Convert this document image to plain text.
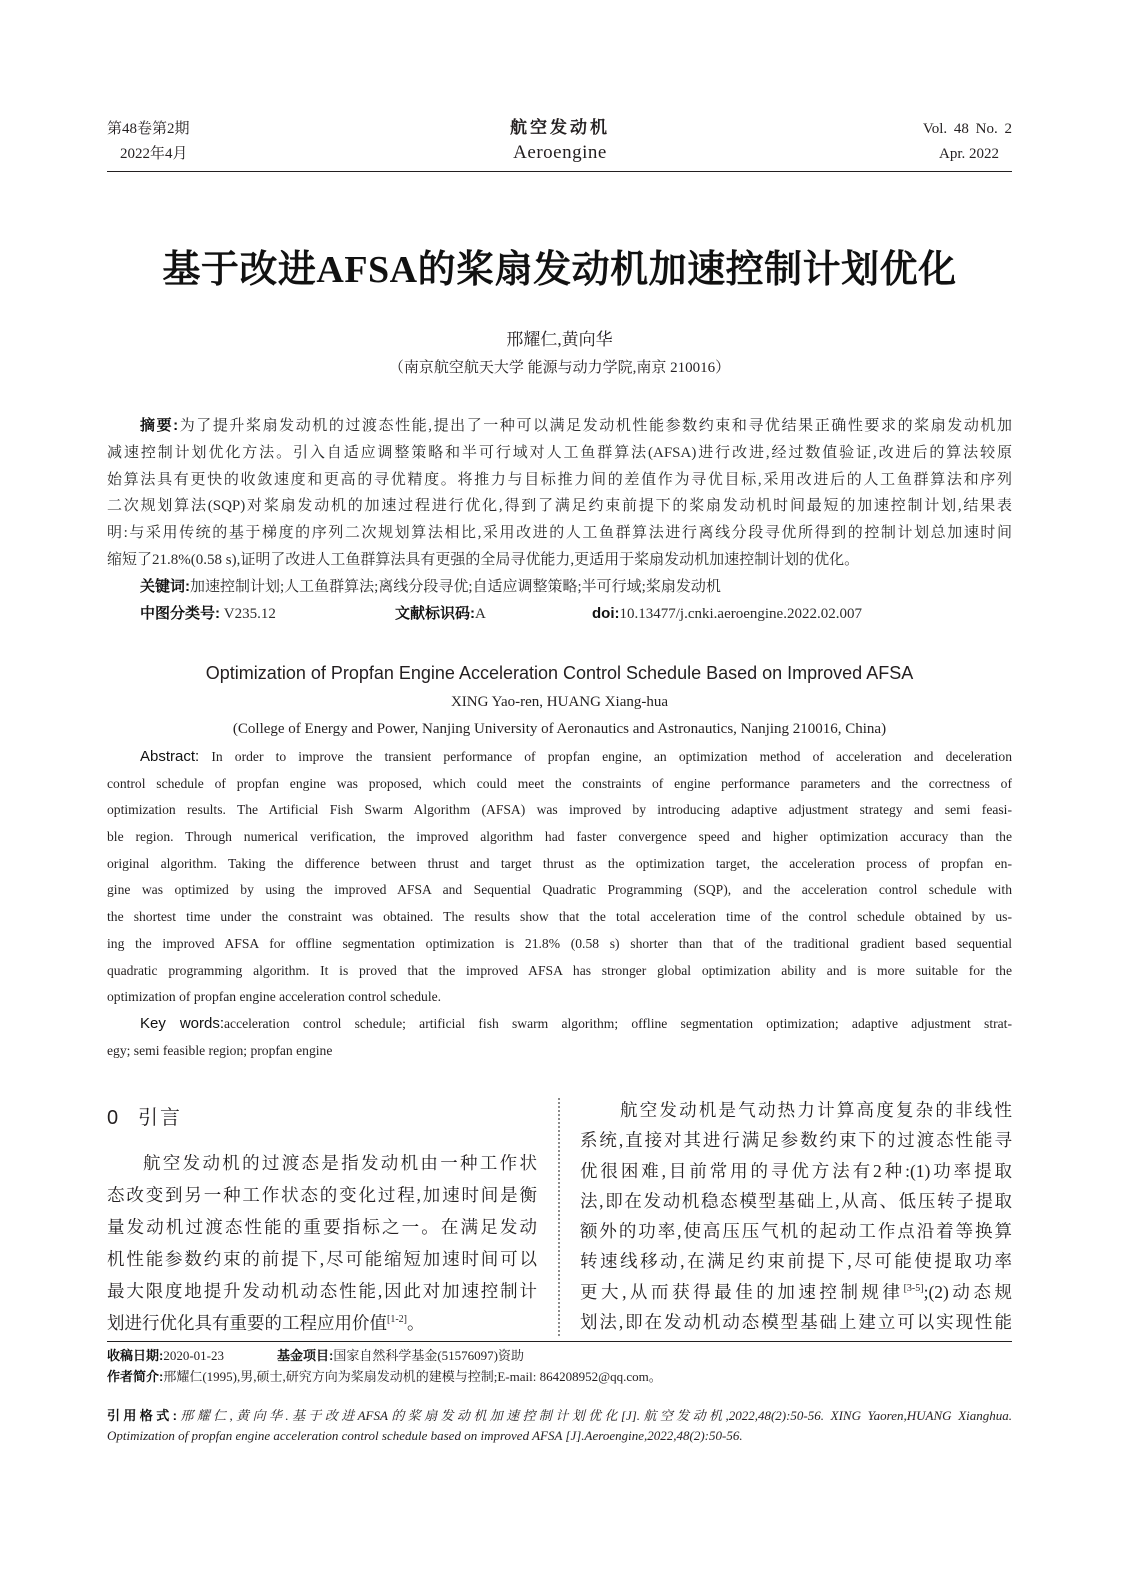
第48卷第2期
2022年4月
航空发动机
Aeroengine
Vol. 48 No. 2
Apr. 2022
基于改进AFSA的桨扇发动机加速控制计划优化
邢耀仁,黄向华
（南京航空航天大学 能源与动力学院,南京 210016）
摘要:为了提升桨扇发动机的过渡态性能,提出了一种可以满足发动机性能参数约束和寻优结果正确性要求的桨扇发动机加
减速控制计划优化方法。引入自适应调整策略和半可行域对人工鱼群算法(AFSA)进行改进,经过数值验证,改进后的算法较原
始算法具有更快的收敛速度和更高的寻优精度。将推力与目标推力间的差值作为寻优目标,采用改进后的人工鱼群算法和序列
二次规划算法(SQP)对桨扇发动机的加速过程进行优化,得到了满足约束前提下的桨扇发动机时间最短的加速控制计划,结果表
明:与采用传统的基于梯度的序列二次规划算法相比,采用改进的人工鱼群算法进行离线分段寻优所得到的控制计划总加速时间
缩短了21.8%(0.58 s),证明了改进人工鱼群算法具有更强的全局寻优能力,更适用于桨扇发动机加速控制计划的优化。
关键词:加速控制计划;人工鱼群算法;离线分段寻优;自适应调整策略;半可行域;桨扇发动机
中图分类号: V235.12	文献标识码:A	doi:10.13477/j.cnki.aeroengine.2022.02.007
Optimization of Propfan Engine Acceleration Control Schedule Based on Improved AFSA
XING Yao-ren, HUANG Xiang-hua
(College of Energy and Power, Nanjing University of Aeronautics and Astronautics, Nanjing 210016, China)
Abstract: In order to improve the transient performance of propfan engine, an optimization method of acceleration and deceleration
control schedule of propfan engine was proposed, which could meet the constraints of engine performance parameters and the correctness of
optimization results. The Artificial Fish Swarm Algorithm (AFSA) was improved by introducing adaptive adjustment strategy and semi feasi-
ble region. Through numerical verification, the improved algorithm had faster convergence speed and higher optimization accuracy than the
original algorithm. Taking the difference between thrust and target thrust as the optimization target, the acceleration process of propfan en-
gine was optimized by using the improved AFSA and Sequential Quadratic Programming (SQP), and the acceleration control schedule with
the shortest time under the constraint was obtained. The results show that the total acceleration time of the control schedule obtained by us-
ing the improved AFSA for offline segmentation optimization is 21.8% (0.58 s) shorter than that of the traditional gradient based sequential
quadratic programming algorithm. It is proved that the improved AFSA has stronger global optimization ability and is more suitable for the
optimization of propfan engine acceleration control schedule.
Key words:acceleration control schedule; artificial fish swarm algorithm; offline segmentation optimization; adaptive adjustment strat-
egy; semi feasible region; propfan engine
0 引言
航空发动机的过渡态是指发动机由一种工作状
态改变到另一种工作状态的变化过程,加速时间是衡
量发动机过渡态性能的重要指标之一。在满足发动
机性能参数约束的前提下,尽可能缩短加速时间可以
最大限度地提升发动机动态性能,因此对加速控制计
划进行优化具有重要的工程应用价值[1-2]。
航空发动机是气动热力计算高度复杂的非线性
系统,直接对其进行满足参数约束下的过渡态性能寻
优很困难,目前常用的寻优方法有2种:(1)功率提取
法,即在发动机稳态模型基础上,从高、低压转子提取
额外的功率,使高压压气机的起动工作点沿着等换算
转速线移动,在满足约束前提下,尽可能使提取功率
更大,从而获得最佳的加速控制规律[3-5];(2)动态规
划法,即在发动机动态模型基础上建立可以实现性能
收稿日期:2020-01-23	基金项目:国家自然科学基金(51576097)资助
作者简介:邢耀仁(1995),男,硕士,研究方向为桨扇发动机的建模与控制;E-mail: 864208952@qq.com。
引用格式:邢耀仁,黄向华.基于改进AFSA的桨扇发动机加速控制计划优化[J].航空发动机,2022,48(2):50-56. XING Yaoren,HUANG Xianghua.
Optimization of propfan engine acceleration control schedule based on improved AFSA [J].Aeroengine,2022,48(2):50-56.
